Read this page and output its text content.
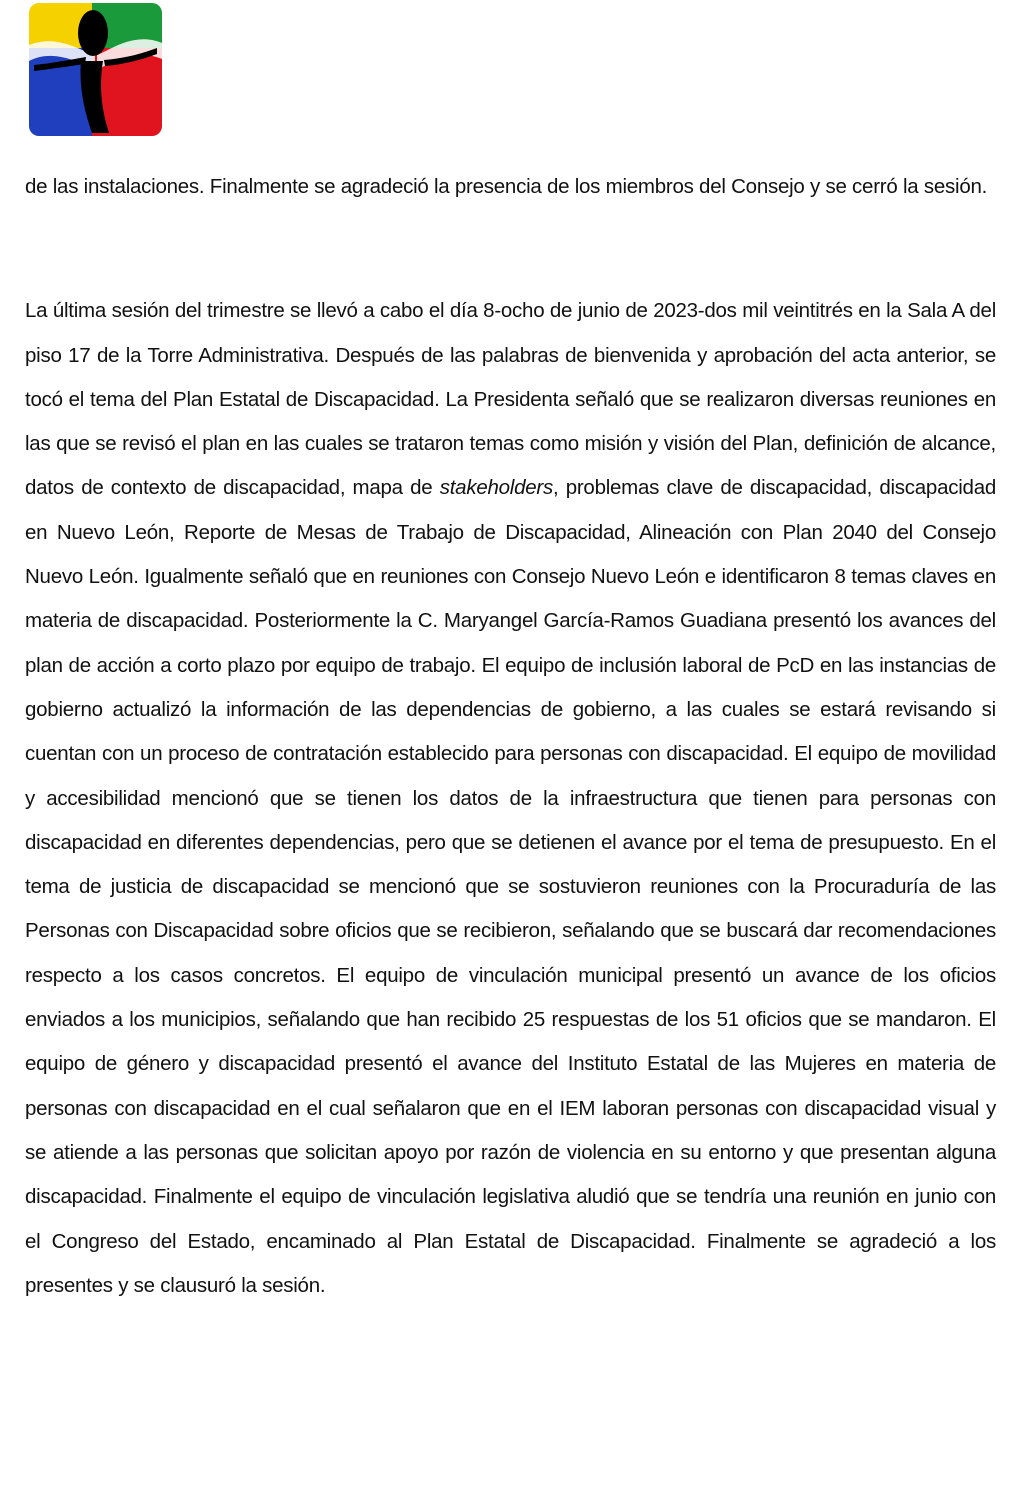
de las instalaciones. Finalmente se agradeció la presencia de los miembros del Consejo y se cerró la sesión.

La última sesión del trimestre se llevó a cabo el día 8-ocho de junio de 2023-dos mil veintitrés en la Sala A del piso 17 de la Torre Administrativa. Después de las palabras de bienvenida y aprobación del acta anterior, se tocó el tema del Plan Estatal de Discapacidad. La Presidenta señaló que se realizaron diversas reuniones en las que se revisó el plan en las cuales se trataron temas como misión y visión del Plan, definición de alcance, datos de contexto de discapacidad, mapa de stakeholders, problemas clave de discapacidad, discapacidad en Nuevo León, Reporte de Mesas de Trabajo de Discapacidad, Alineación con Plan 2040 del Consejo Nuevo León. Igualmente señaló que en reuniones con Consejo Nuevo León e identificaron 8 temas claves en materia de discapacidad. Posteriormente la C. Maryangel García-Ramos Guadiana presentó los avances del plan de acción a corto plazo por equipo de trabajo. El equipo de inclusión laboral de PcD en las instancias de gobierno actualizó la información de las dependencias de gobierno, a las cuales se estará revisando si cuentan con un proceso de contratación establecido para personas con discapacidad. El equipo de movilidad y accesibilidad mencionó que se tienen los datos de la infraestructura que tienen para personas con discapacidad en diferentes dependencias, pero que se detienen el avance por el tema de presupuesto. En el tema de justicia de discapacidad se mencionó que se sostuvieron reuniones con la Procuraduría de las Personas con Discapacidad sobre oficios que se recibieron, señalando que se buscará dar recomendaciones respecto a los casos concretos. El equipo de vinculación municipal presentó un avance de los oficios enviados a los municipios, señalando que han recibido 25 respuestas de los 51 oficios que se mandaron. El equipo de género y discapacidad presentó el avance del Instituto Estatal de las Mujeres en materia de personas con discapacidad en el cual señalaron que en el IEM laboran personas con discapacidad visual y se atiende a las personas que solicitan apoyo por razón de violencia en su entorno y que presentan alguna discapacidad. Finalmente el equipo de vinculación legislativa aludió que se tendría una reunión en junio con el Congreso del Estado, encaminado al Plan Estatal de Discapacidad. Finalmente se agradeció a los presentes y se clausuró la sesión.
